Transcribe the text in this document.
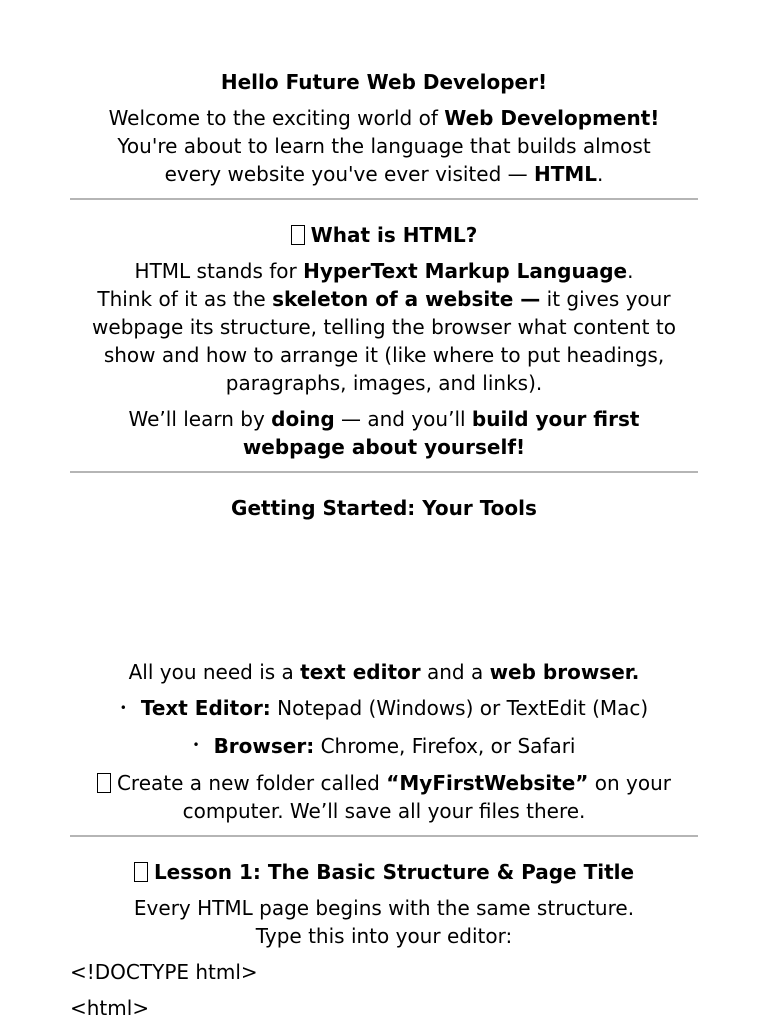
Hello Future Web Developer!

Welcome to the exciting world of Web Development!
You're about to learn the language that builds almost
every website you've ever visited — HTML.

What is HTML?

HTML stands for HyperText Markup Language.
Think of it as the skeleton of a website — it gives your
webpage its structure, telling the browser what content to
show and how to arrange it (like where to put headings,
paragraphs, images, and links).

We’ll learn by doing — and you’ll build your first
webpage about yourself!

Getting Started: Your Tools

All you need is a text editor and a web browser.

• Text Editor: Notepad (Windows) or TextEdit (Mac)
• Browser: Chrome, Firefox, or Safari

Create a new folder called “MyFirstWebsite” on your
computer. We’ll save all your files there.

Lesson 1: The Basic Structure & Page Title

Every HTML page begins with the same structure.
Type this into your editor:

<!DOCTYPE html>
<html>
